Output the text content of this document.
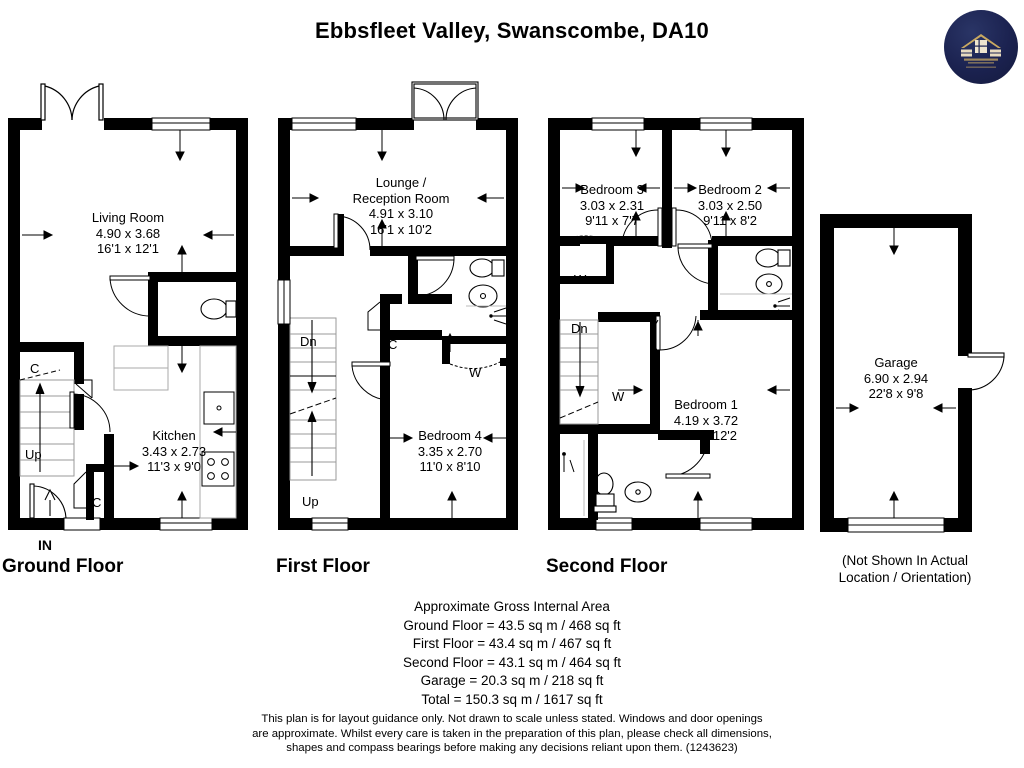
Ebbsfleet Valley, Swanscombe, DA10
Living Room
4.90 x 3.68
16'1 x 12'1
Kitchen
3.43 x 2.73
11'3 x 9'0
C
C
Up
IN
Lounge /
Reception Room
4.91 x 3.10
16'1 x 10'2
Bedroom 4
3.35 x 2.70
11'0 x 8'10
C
W
Dn
Up
Bedroom 3
3.03 x 2.31
9'11 x 7'7
Bedroom 2
3.03 x 2.50
9'11 x 8'2
Bedroom 1
4.19 x 3.72
13'9 x 12'2
W
W
Dn
Garage
6.90 x 2.94
22'8 x 9'8
Ground Floor	First Floor	Second Floor	(Not Shown In Actual
Location / Orientation)
Approximate Gross Internal Area
Ground Floor = 43.5 sq m / 468 sq ft
First Floor = 43.4 sq m / 467 sq ft
Second Floor = 43.1 sq m / 464 sq ft
Garage = 20.3 sq m / 218 sq ft
Total = 150.3 sq m / 1617 sq ft
This plan is for layout guidance only. Not drawn to scale unless stated. Windows and door openings
are approximate. Whilst every care is taken in the preparation of this plan, please check all dimensions,
shapes and compass bearings before making any decisions reliant upon them. (1243623)
